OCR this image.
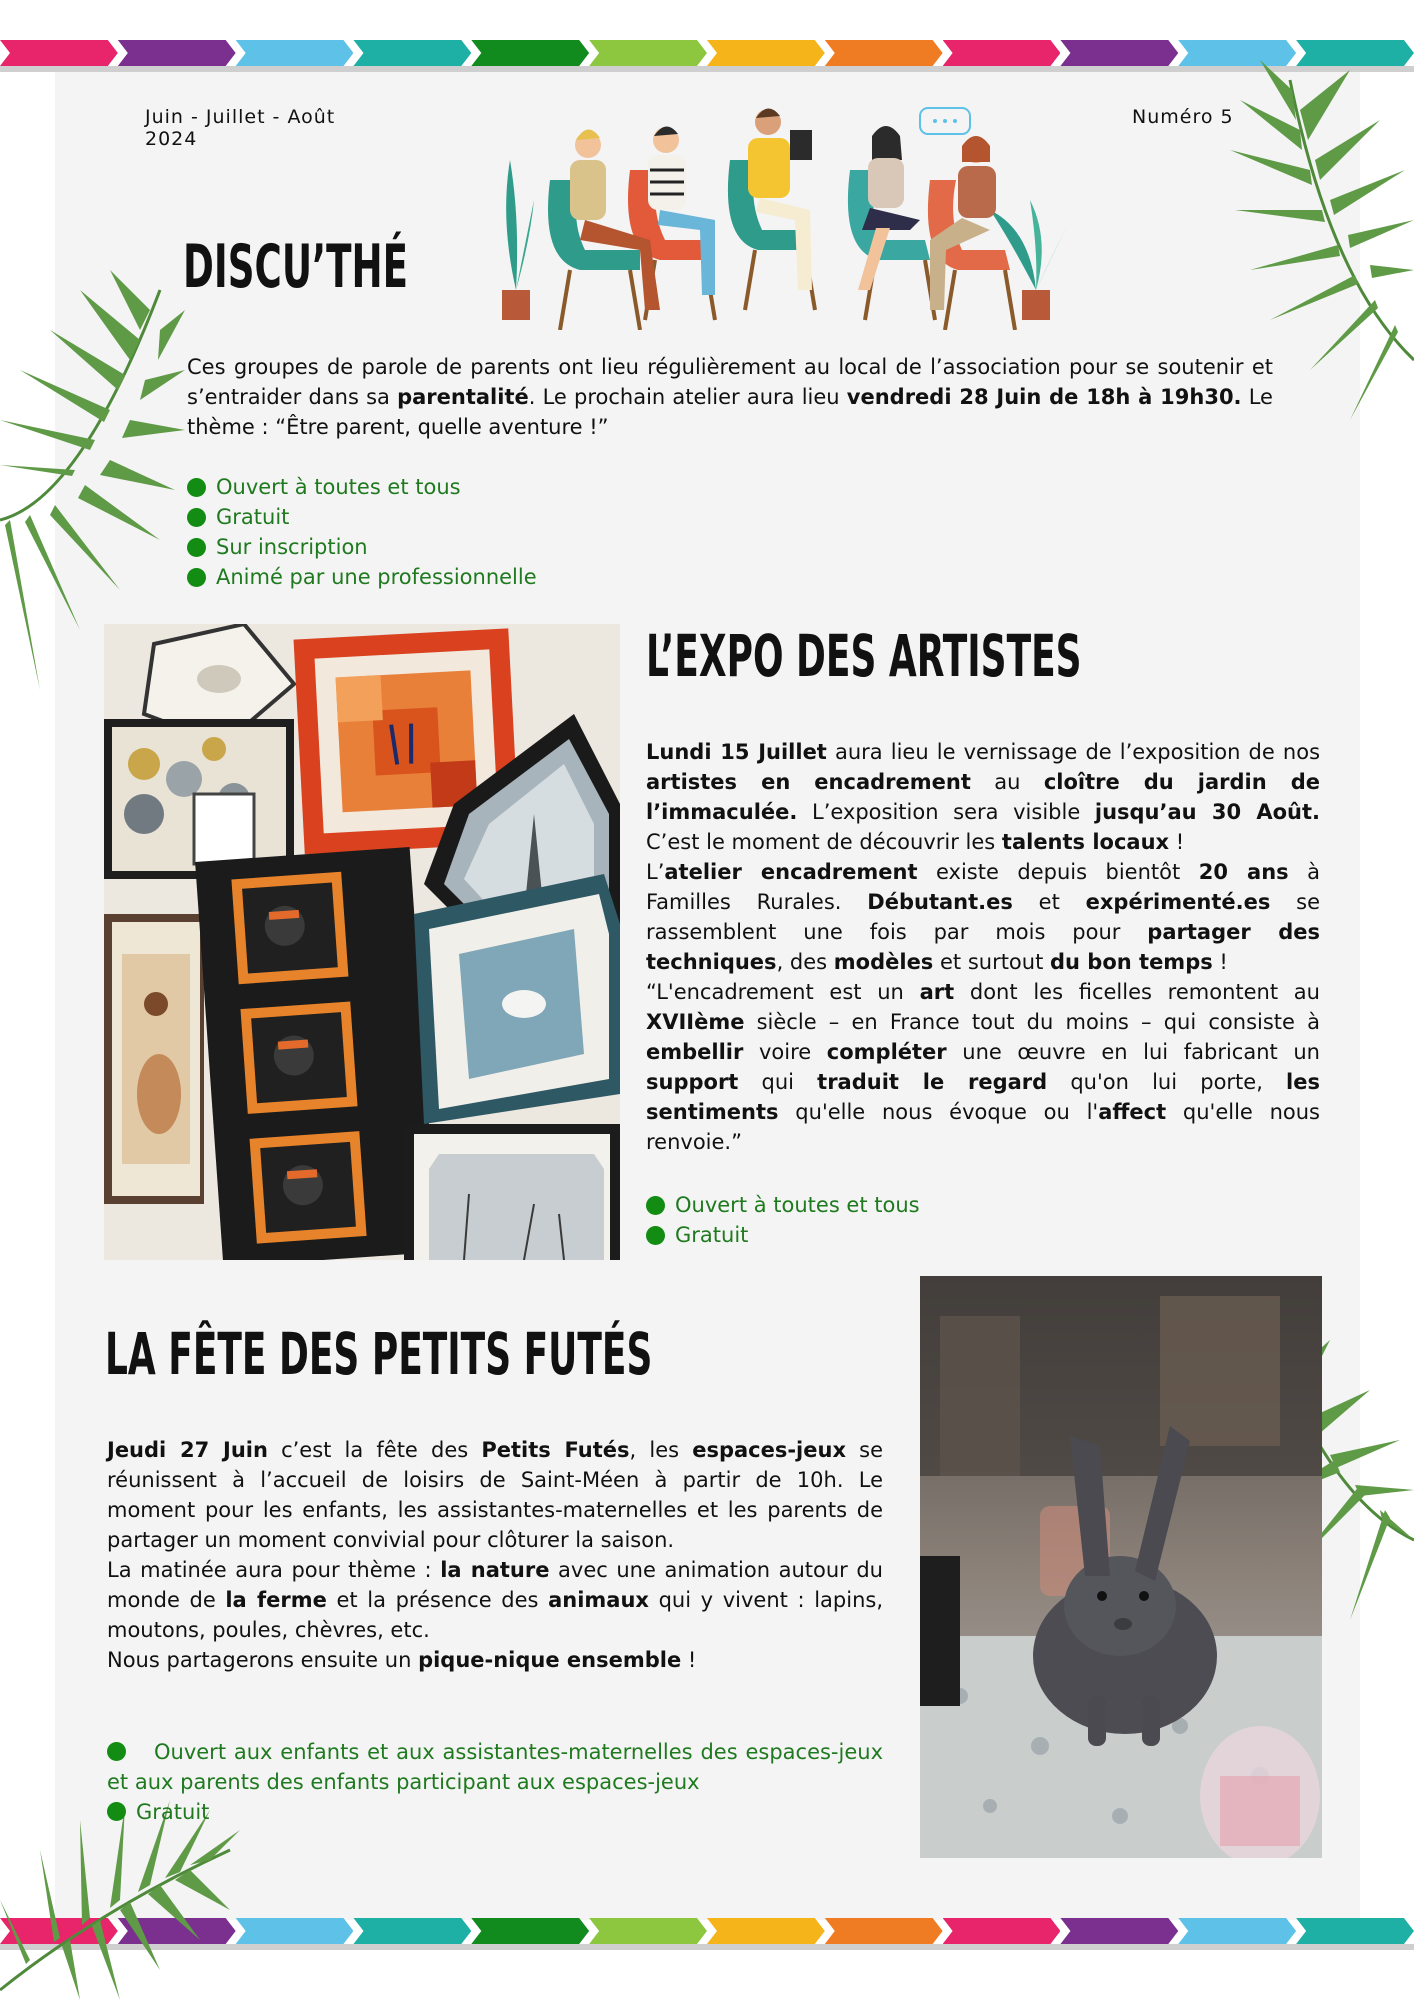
Juin - Juillet - Août
2024
Numéro 5
DISCU’THÉ
Ces groupes de parole de parents ont lieu régulièrement au local de l’association pour se soutenir et s’entraider dans sa parentalité. Le prochain atelier aura lieu vendredi 28 Juin de 18h à 19h30. Le thème : “Être parent, quelle aventure !”
Ouvert à toutes et tous
Gratuit
Sur inscription
Animé par une professionnelle
L’EXPO DES ARTISTES
Lundi 15 Juillet aura lieu le vernissage de l’exposition de nos artistes en encadrement au cloître du jardin de l’immaculée. L’exposition sera visible jusqu’au 30 Août. C’est le moment de découvrir les talents locaux !
L’atelier encadrement existe depuis bientôt 20 ans à Familles Rurales. Débutant.es et expérimenté.es se rassemblent une fois par mois pour partager des techniques, des modèles et surtout du bon temps !
“L'encadrement est un art dont les ficelles remontent au XVIIème siècle – en France tout du moins – qui consiste à embellir voire compléter une œuvre en lui fabricant un support qui traduit le regard qu'on lui porte, les sentiments qu'elle nous évoque ou l'affect qu'elle nous renvoie.”
Ouvert à toutes et tous
Gratuit
LA FÊTE DES PETITS FUTÉS
Jeudi 27 Juin c’est la fête des Petits Futés, les espaces-jeux se réunissent à l’accueil de loisirs de Saint-Méen à partir de 10h. Le moment pour les enfants, les assistantes-maternelles et les parents de partager un moment convivial pour clôturer la saison.
La matinée aura pour thème : la nature avec une animation autour du monde de la ferme et la présence des animaux qui y vivent : lapins, moutons, poules, chèvres, etc.
Nous partagerons ensuite un pique-nique ensemble !
Ouvert aux enfants et aux assistantes-maternelles des espaces-jeux et aux parents des enfants participant aux espaces-jeux
Gratuit
